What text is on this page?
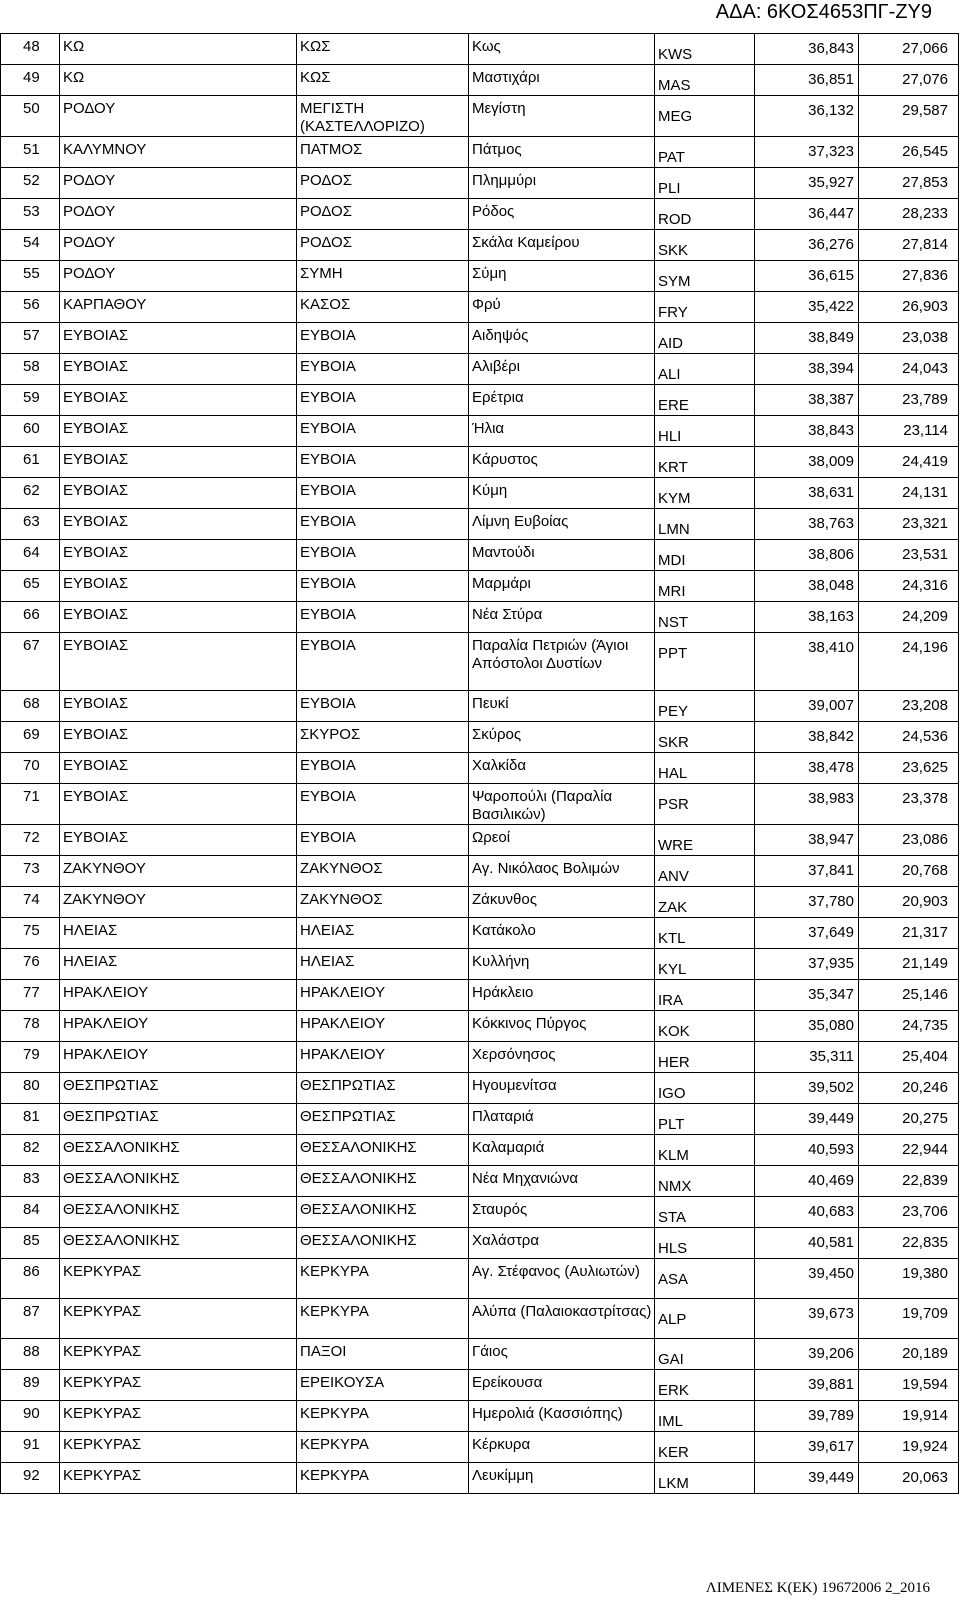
ΑΔΑ: 6ΚΟΣ4653ΠΓ-ΖΥ9
48	ΚΩ	ΚΩΣ	Κως	KWS	36,843	27,066
49	ΚΩ	ΚΩΣ	Μαστιχάρι	MAS	36,851	27,076
50	ΡΟΔΟΥ	ΜΕΓΙΣΤΗ (ΚΑΣΤΕΛΛΟΡΙΖΟ)	Μεγίστη	MEG	36,132	29,587
51	ΚΑΛΥΜΝΟΥ	ΠΑΤΜΟΣ	Πάτμος	PAT	37,323	26,545
52	ΡΟΔΟΥ	ΡΟΔΟΣ	Πλημμύρι	PLI	35,927	27,853
53	ΡΟΔΟΥ	ΡΟΔΟΣ	Ρόδος	ROD	36,447	28,233
54	ΡΟΔΟΥ	ΡΟΔΟΣ	Σκάλα Καμείρου	SKK	36,276	27,814
55	ΡΟΔΟΥ	ΣΥΜΗ	Σύμη	SYM	36,615	27,836
56	ΚΑΡΠΑΘΟΥ	ΚΑΣΟΣ	Φρύ	FRY	35,422	26,903
57	ΕΥΒΟΙΑΣ	ΕΥΒΟΙΑ	Αιδηψός	AID	38,849	23,038
58	ΕΥΒΟΙΑΣ	ΕΥΒΟΙΑ	Αλιβέρι	ALI	38,394	24,043
59	ΕΥΒΟΙΑΣ	ΕΥΒΟΙΑ	Ερέτρια	ERE	38,387	23,789
60	ΕΥΒΟΙΑΣ	ΕΥΒΟΙΑ	Ήλια	HLI	38,843	23,114
61	ΕΥΒΟΙΑΣ	ΕΥΒΟΙΑ	Κάρυστος	KRT	38,009	24,419
62	ΕΥΒΟΙΑΣ	ΕΥΒΟΙΑ	Κύμη	KYM	38,631	24,131
63	ΕΥΒΟΙΑΣ	ΕΥΒΟΙΑ	Λίμνη Ευβοίας	LMN	38,763	23,321
64	ΕΥΒΟΙΑΣ	ΕΥΒΟΙΑ	Μαντούδι	MDI	38,806	23,531
65	ΕΥΒΟΙΑΣ	ΕΥΒΟΙΑ	Μαρμάρι	MRI	38,048	24,316
66	ΕΥΒΟΙΑΣ	ΕΥΒΟΙΑ	Νέα Στύρα	NST	38,163	24,209
67	ΕΥΒΟΙΑΣ	ΕΥΒΟΙΑ	Παραλία Πετριών (Άγιοι Απόστολοι Δυστίων	PPT	38,410	24,196
68	ΕΥΒΟΙΑΣ	ΕΥΒΟΙΑ	Πευκί	PEY	39,007	23,208
69	ΕΥΒΟΙΑΣ	ΣΚΥΡΟΣ	Σκύρος	SKR	38,842	24,536
70	ΕΥΒΟΙΑΣ	ΕΥΒΟΙΑ	Χαλκίδα	HAL	38,478	23,625
71	ΕΥΒΟΙΑΣ	ΕΥΒΟΙΑ	Ψαροπούλι (Παραλία Βασιλικών)	PSR	38,983	23,378
72	ΕΥΒΟΙΑΣ	ΕΥΒΟΙΑ	Ωρεοί	WRE	38,947	23,086
73	ΖΑΚΥΝΘΟΥ	ΖΑΚΥΝΘΟΣ	Αγ. Νικόλαος Βολιμών	ANV	37,841	20,768
74	ΖΑΚΥΝΘΟΥ	ΖΑΚΥΝΘΟΣ	Ζάκυνθος	ZAK	37,780	20,903
75	ΗΛΕΙΑΣ	ΗΛΕΙΑΣ	Κατάκολο	KTL	37,649	21,317
76	ΗΛΕΙΑΣ	ΗΛΕΙΑΣ	Κυλλήνη	KYL	37,935	21,149
77	ΗΡΑΚΛΕΙΟΥ	ΗΡΑΚΛΕΙΟΥ	Ηράκλειο	IRA	35,347	25,146
78	ΗΡΑΚΛΕΙΟΥ	ΗΡΑΚΛΕΙΟΥ	Κόκκινος Πύργος	KOK	35,080	24,735
79	ΗΡΑΚΛΕΙΟΥ	ΗΡΑΚΛΕΙΟΥ	Χερσόνησος	HER	35,311	25,404
80	ΘΕΣΠΡΩΤΙΑΣ	ΘΕΣΠΡΩΤΙΑΣ	Ηγουμενίτσα	IGO	39,502	20,246
81	ΘΕΣΠΡΩΤΙΑΣ	ΘΕΣΠΡΩΤΙΑΣ	Πλαταριά	PLT	39,449	20,275
82	ΘΕΣΣΑΛΟΝΙΚΗΣ	ΘΕΣΣΑΛΟΝΙΚΗΣ	Καλαμαριά	KLM	40,593	22,944
83	ΘΕΣΣΑΛΟΝΙΚΗΣ	ΘΕΣΣΑΛΟΝΙΚΗΣ	Νέα Μηχανιώνα	NMX	40,469	22,839
84	ΘΕΣΣΑΛΟΝΙΚΗΣ	ΘΕΣΣΑΛΟΝΙΚΗΣ	Σταυρός	STA	40,683	23,706
85	ΘΕΣΣΑΛΟΝΙΚΗΣ	ΘΕΣΣΑΛΟΝΙΚΗΣ	Χαλάστρα	HLS	40,581	22,835
86	ΚΕΡΚΥΡΑΣ	ΚΕΡΚΥΡΑ	Αγ. Στέφανος (Αυλιωτών)	ASA	39,450	19,380
87	ΚΕΡΚΥΡΑΣ	ΚΕΡΚΥΡΑ	Αλύπα (Παλαιοκαστρίτσας)	ALP	39,673	19,709
88	ΚΕΡΚΥΡΑΣ	ΠΑΞΟΙ	Γάιος	GAI	39,206	20,189
89	ΚΕΡΚΥΡΑΣ	ΕΡΕΙΚΟΥΣΑ	Ερείκουσα	ERK	39,881	19,594
90	ΚΕΡΚΥΡΑΣ	ΚΕΡΚΥΡΑ	Ημερολιά (Κασσιόπης)	IML	39,789	19,914
91	ΚΕΡΚΥΡΑΣ	ΚΕΡΚΥΡΑ	Κέρκυρα	KER	39,617	19,924
92	ΚΕΡΚΥΡΑΣ	ΚΕΡΚΥΡΑ	Λευκίμμη	LKM	39,449	20,063
ΛΙΜΕΝΕΣ Κ(ΕΚ) 19672006 2_2016
